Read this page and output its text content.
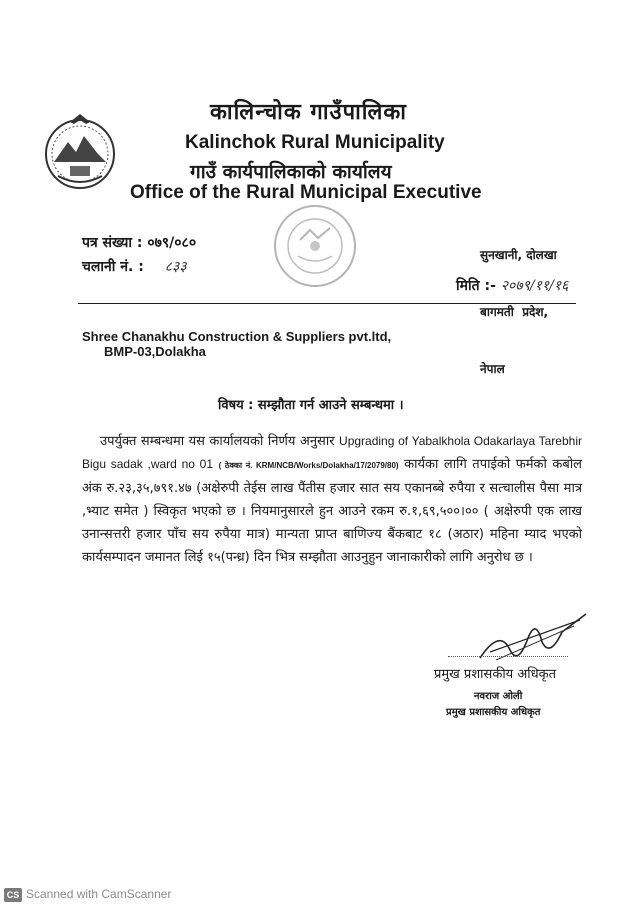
कालिन्चोक गाउँपालिका
Kalinchok Rural Municipality
गाउँ कार्यपालिकाको कार्यालय
Office of the Rural Municipal Executive

सुनखानी, दोलखा

बागमती  प्रदेश,

नेपाल

पत्र संख्या : ०७९/०८०
चलानी नं. : ८३३
मिति :- २०७९/११/१६
Shree Chanakhu Construction & Suppliers pvt.ltd,
BMP-03,Dolakha
विषय : सम्झौता गर्न आउने सम्बन्धमा ।

उपर्युक्त सम्बन्धमा यस कार्यालयको निर्णय अनुसार Upgrading of Yabalkhola Odakarlaya Tarebhir Bigu sadak ,ward no 01 ( ठेक्का नं. KRM/NCB/Works/Dolakha/17/2079/80) कार्यका लागि तपाईको फर्मको कबोल अंक रु.२३,३५,७९१.४७ (अक्षेरुपी तेईस लाख पैंतीस हजार सात सय एकानब्बे रुपैया र सत्चालीस पैसा मात्र ,भ्याट समेत ) स्विकृत भएको छ । नियमानुसारले हुन आउने रकम रु.१,६९,५००।०० ( अक्षेरुपी एक लाख उनान्सत्तरी हजार पाँच सय रुपैया मात्र) मान्यता प्राप्त बाणिज्य बैंकबाट १८ (अठार) महिना म्याद भएको कार्यसम्पादन जमानत लिई १५(पन्ध्र) दिन भित्र सम्झौता आउनुहुन जानाकारीको लागि अनुरोध छ ।

प्रमुख प्रशासकीय अधिकृत
नवराज ओली
प्रमुख प्रशासकीय अधिकृत
CS Scanned with CamScanner
